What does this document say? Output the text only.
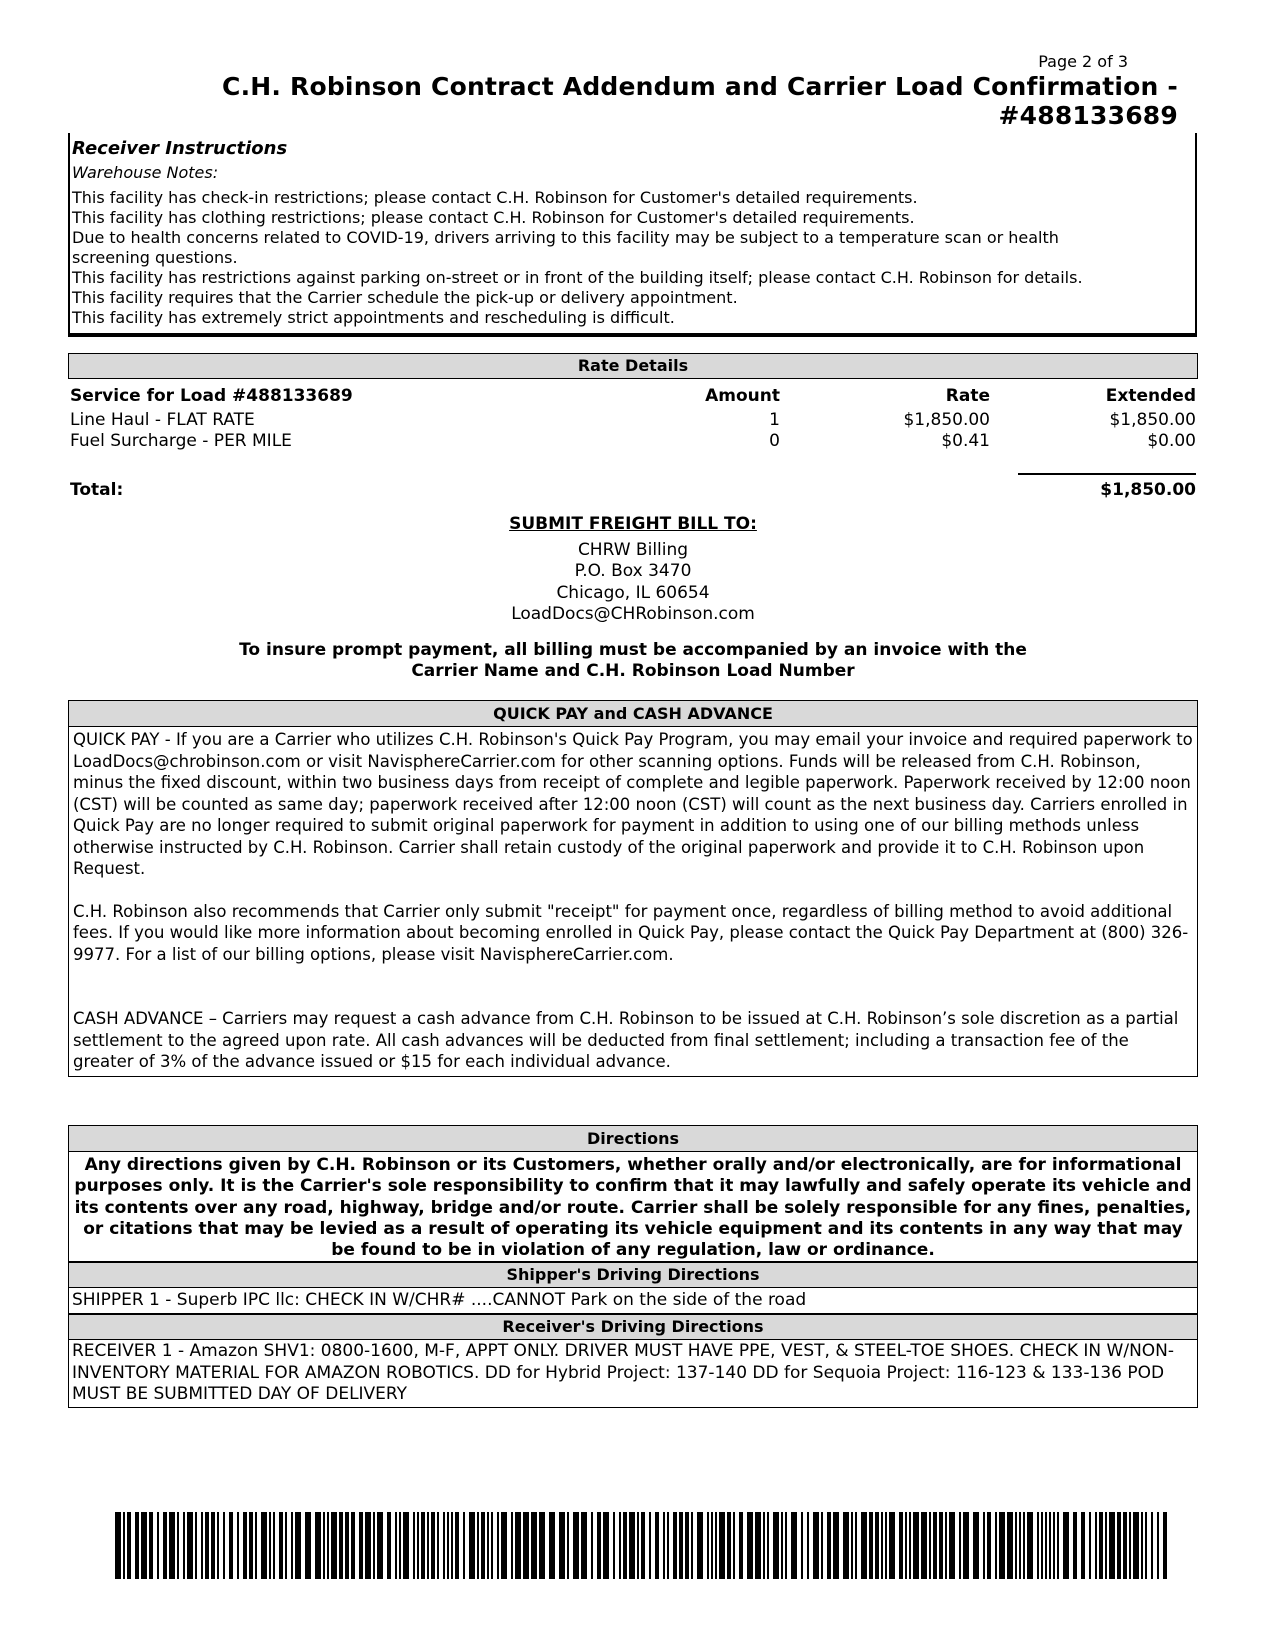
Page 2 of 3
C.H. Robinson Contract Addendum and Carrier Load Confirmation - #488133689
Receiver Instructions
Warehouse Notes:
This facility has check-in restrictions; please contact C.H. Robinson for Customer's detailed requirements.
This facility has clothing restrictions; please contact C.H. Robinson for Customer's detailed requirements.
Due to health concerns related to COVID-19, drivers arriving to this facility may be subject to a temperature scan or health
screening questions.
This facility has restrictions against parking on-street or in front of the building itself; please contact C.H. Robinson for details.
This facility requires that the Carrier schedule the pick-up or delivery appointment.
This facility has extremely strict appointments and rescheduling is difficult.
Rate Details
Service for Load #488133689	Amount	Rate	Extended
Line Haul - FLAT RATE	1	$1,850.00	$1,850.00
Fuel Surcharge - PER MILE	0	$0.41	$0.00
Total:	$1,850.00
SUBMIT FREIGHT BILL TO:
CHRW Billing
P.O. Box 3470
Chicago, IL 60654
LoadDocs@CHRobinson.com
To insure prompt payment, all billing must be accompanied by an invoice with the
Carrier Name and C.H. Robinson Load Number
QUICK PAY and CASH ADVANCE

QUICK PAY - If you are a Carrier who utilizes C.H. Robinson's Quick Pay Program, you may email your invoice and required paperwork to LoadDocs@chrobinson.com or visit NavisphereCarrier.com for other scanning options. Funds will be released from C.H. Robinson, minus the fixed discount, within two business days from receipt of complete and legible paperwork. Paperwork received by 12:00 noon (CST) will be counted as same day; paperwork received after 12:00 noon (CST) will count as the next business day. Carriers enrolled in Quick Pay are no longer required to submit original paperwork for payment in addition to using one of our billing methods unless otherwise instructed by C.H. Robinson. Carrier shall retain custody of the original paperwork and provide it to C.H. Robinson upon Request.

C.H. Robinson also recommends that Carrier only submit "receipt" for payment once, regardless of billing method to avoid additional fees. If you would like more information about becoming enrolled in Quick Pay, please contact the Quick Pay Department at (800) 326-9977. For a list of our billing options, please visit NavisphereCarrier.com.

CASH ADVANCE – Carriers may request a cash advance from C.H. Robinson to be issued at C.H. Robinson’s sole discretion as a partial settlement to the agreed upon rate. All cash advances will be deducted from final settlement; including a transaction fee of the greater of 3% of the advance issued or $15 for each individual advance.

Directions
Any directions given by C.H. Robinson or its Customers, whether orally and/or electronically, are for informational purposes only. It is the Carrier's sole responsibility to confirm that it may lawfully and safely operate its vehicle and its contents over any road, highway, bridge and/or route. Carrier shall be solely responsible for any fines, penalties, or citations that may be levied as a result of operating its vehicle equipment and its contents in any way that may be found to be in violation of any regulation, law or ordinance.
Shipper's Driving Directions
SHIPPER 1 - Superb IPC llc: CHECK IN W/CHR# ....CANNOT Park on the side of the road
Receiver's Driving Directions
RECEIVER 1 - Amazon SHV1: 0800-1600, M-F, APPT ONLY. DRIVER MUST HAVE PPE, VEST, & STEEL-TOE SHOES. CHECK IN W/NON-INVENTORY MATERIAL FOR AMAZON ROBOTICS. DD for Hybrid Project: 137-140 DD for Sequoia Project: 116-123 & 133-136 POD MUST BE SUBMITTED DAY OF DELIVERY
